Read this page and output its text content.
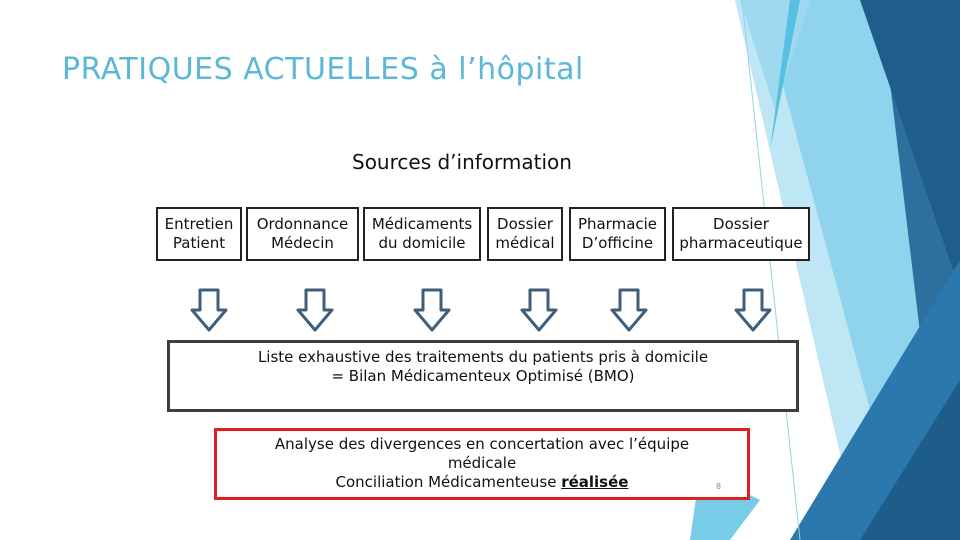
PRATIQUES ACTUELLES à l’hôpital
Sources d’information
Entretien
Patient
Ordonnance
Médecin
Médicaments
du domicile
Dossier
médical
Pharmacie
D’officine
Dossier
pharmaceutique
Liste exhaustive des traitements du patients pris à domicile
= Bilan Médicamenteux Optimisé (BMO)
Analyse des divergences en concertation avec l’équipe
médicale
Conciliation Médicamenteuse réalisée	8
